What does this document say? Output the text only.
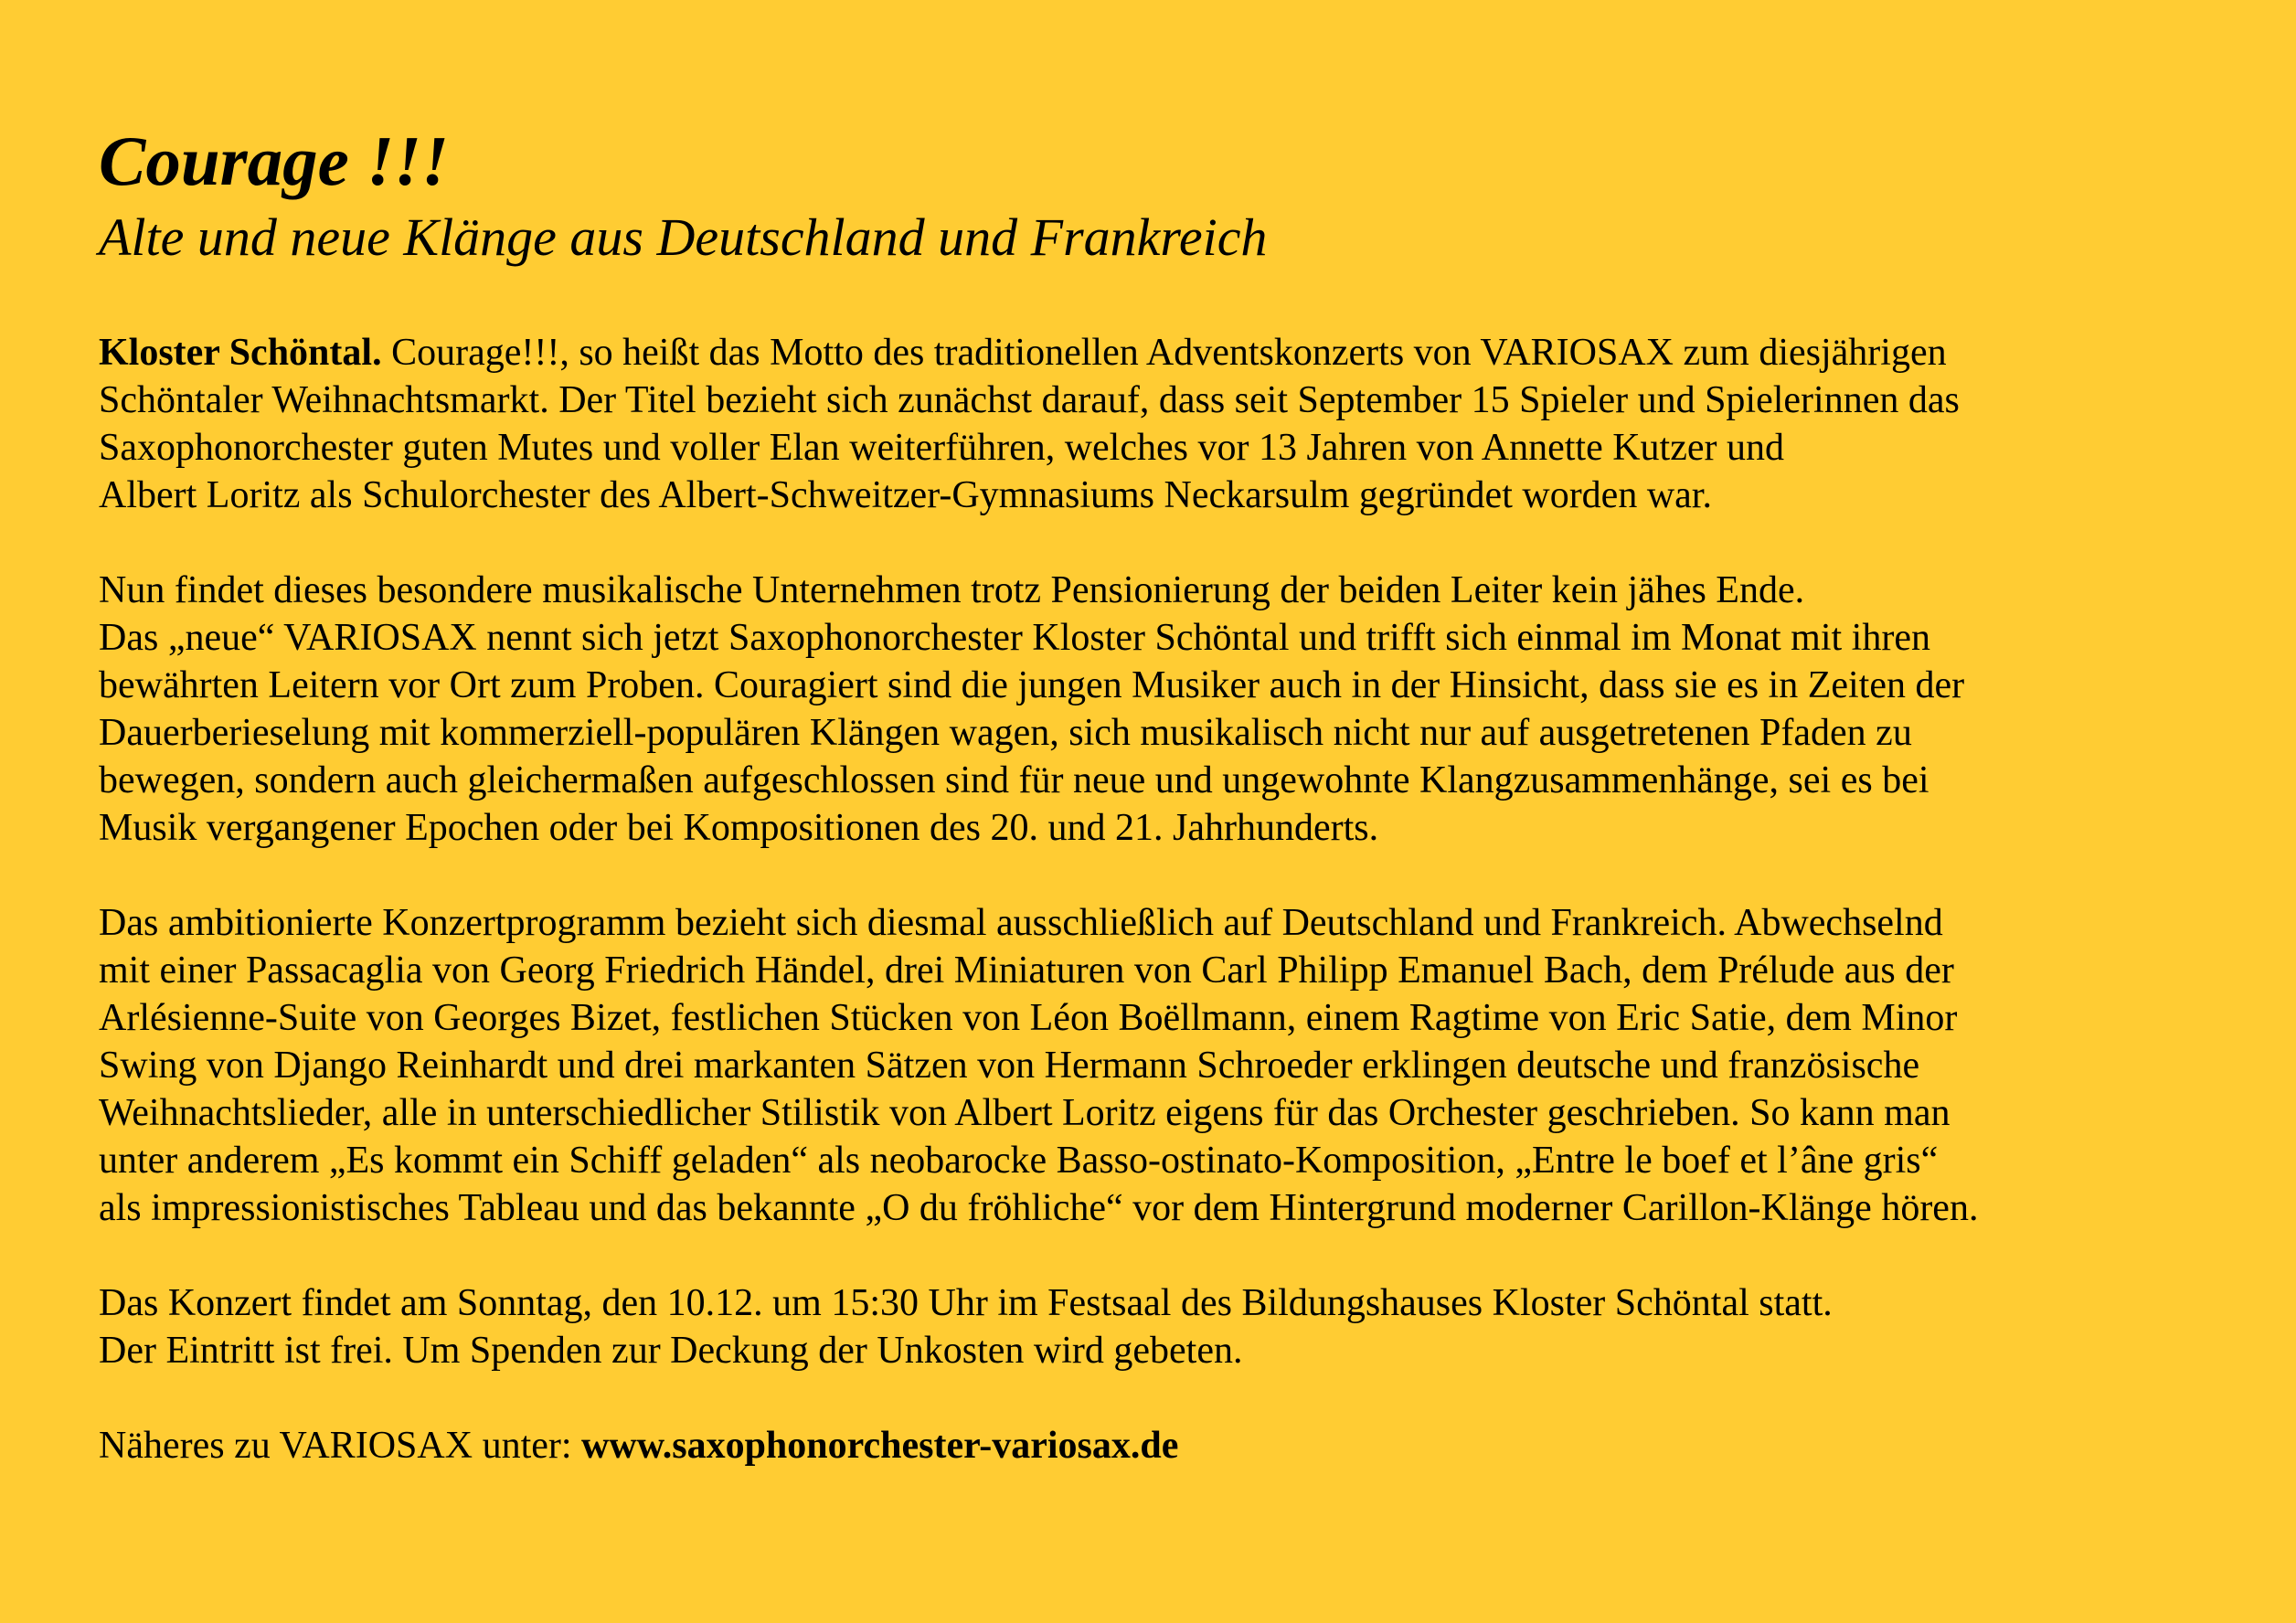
Courage !!!
Alte und neue Klänge aus Deutschland und Frankreich

Kloster Schöntal. Courage!!!, so heißt das Motto des traditionellen Adventskonzerts von VARIOSAX zum diesjährigen
Schöntaler Weihnachtsmarkt. Der Titel bezieht sich zunächst darauf, dass seit September 15 Spieler und Spielerinnen das
Saxophonorchester guten Mutes und voller Elan weiterführen, welches vor 13 Jahren von Annette Kutzer und
Albert Loritz als Schulorchester des Albert-Schweitzer-Gymnasiums Neckarsulm gegründet worden war.

Nun findet dieses besondere musikalische Unternehmen trotz Pensionierung der beiden Leiter kein jähes Ende.
Das „neue“ VARIOSAX nennt sich jetzt Saxophonorchester Kloster Schöntal und trifft sich einmal im Monat mit ihren
bewährten Leitern vor Ort zum Proben. Couragiert sind die jungen Musiker auch in der Hinsicht, dass sie es in Zeiten der
Dauerberieselung mit kommerziell-populären Klängen wagen, sich musikalisch nicht nur auf ausgetretenen Pfaden zu
bewegen, sondern auch gleichermaßen aufgeschlossen sind für neue und ungewohnte Klangzusammenhänge, sei es bei
Musik vergangener Epochen oder bei Kompositionen des 20. und 21. Jahrhunderts.

Das ambitionierte Konzertprogramm bezieht sich diesmal ausschließlich auf Deutschland und Frankreich. Abwechselnd
mit einer Passacaglia von Georg Friedrich Händel, drei Miniaturen von Carl Philipp Emanuel Bach, dem Prélude aus der
Arlésienne-Suite von Georges Bizet, festlichen Stücken von Léon Boëllmann, einem Ragtime von Eric Satie, dem Minor
Swing von Django Reinhardt und drei markanten Sätzen von Hermann Schroeder erklingen deutsche und französische
Weihnachtslieder, alle in unterschiedlicher Stilistik von Albert Loritz eigens für das Orchester geschrieben. So kann man
unter anderem „Es kommt ein Schiff geladen“ als neobarocke Basso-ostinato-Komposition, „Entre le boef et l’âne gris“
als impressionistisches Tableau und das bekannte „O du fröhliche“ vor dem Hintergrund moderner Carillon-Klänge hören.

Das Konzert findet am Sonntag, den 10.12. um 15:30 Uhr im Festsaal des Bildungshauses Kloster Schöntal statt.
Der Eintritt ist frei. Um Spenden zur Deckung der Unkosten wird gebeten.

Näheres zu VARIOSAX unter: www.saxophonorchester-variosax.de
